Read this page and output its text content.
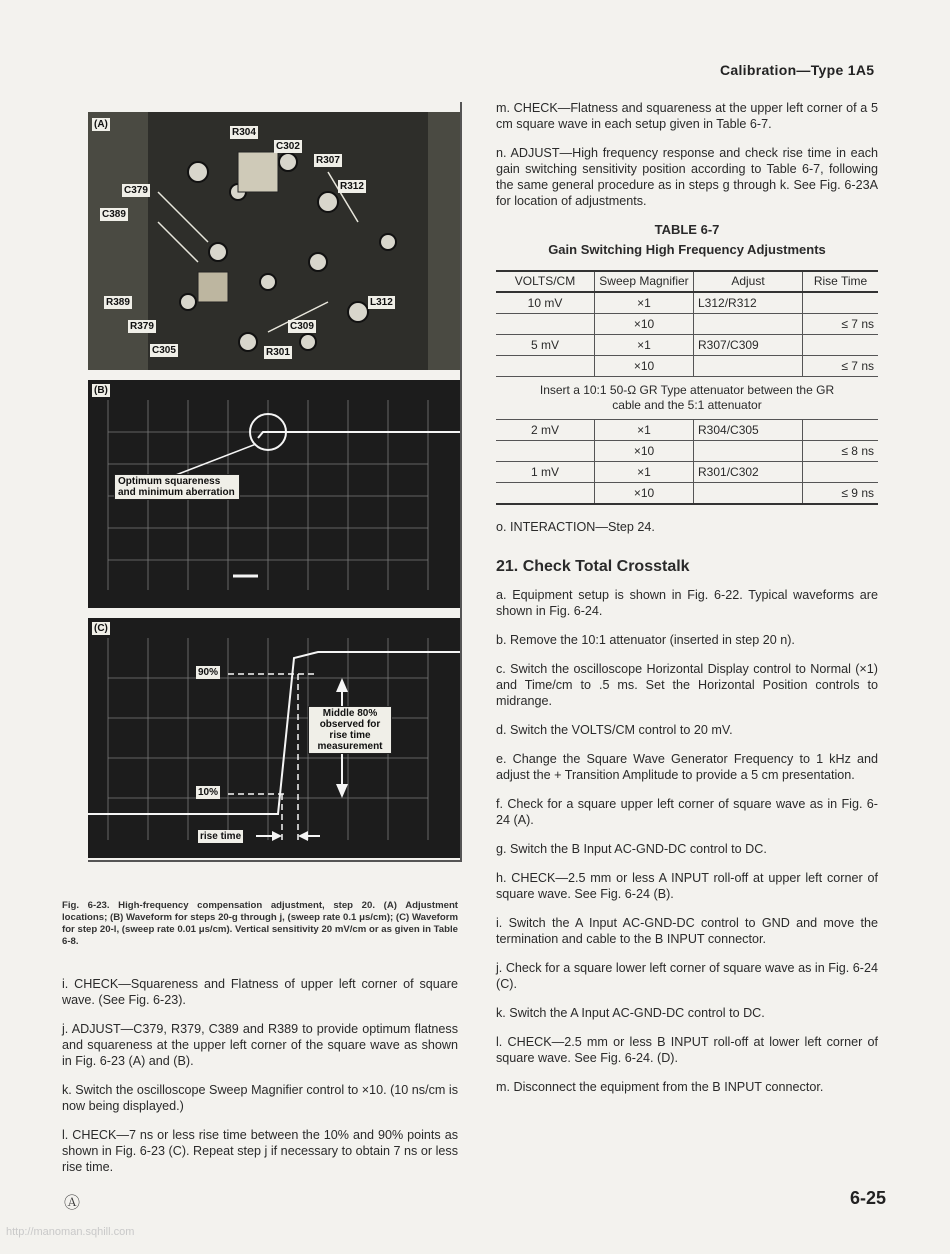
Calibration—Type 1A5
(A)
R304
C302
R307
C379	R312
C389
R389	L312
R379	C309
C305	R301
(B)
Optimum squareness and minimum aberration
(C)
90%
10%
Middle 80% observed for rise time measurement
rise time
Fig. 6-23. High-frequency compensation adjustment, step 20. (A) Adjustment locations; (B) Waveform for steps 20-g through j, (sweep rate 0.1 μs/cm); (C) Waveform for step 20-l, (sweep rate 0.01 μs/cm). Vertical sensitivity 20 mV/cm or as given in Table 6-8.

i. CHECK—Squareness and Flatness of upper left corner of square wave. (See Fig. 6-23).

j. ADJUST—C379, R379, C389 and R389 to provide optimum flatness and squareness at the upper left corner of the square wave as shown in Fig. 6-23 (A) and (B).

k. Switch the oscilloscope Sweep Magnifier control to ×10. (10 ns/cm is now being displayed.)

l. CHECK—7 ns or less rise time between the 10% and 90% points as shown in Fig. 6-23 (C). Repeat step j if necessary to obtain 7 ns or less rise time.

m. CHECK—Flatness and squareness at the upper left corner of a 5 cm square wave in each setup given in Table 6-7.

n. ADJUST—High frequency response and check rise time in each gain switching sensitivity position according to Table 6-7, following the same general procedure as in steps g through k. See Fig. 6-23A for location of adjustments.

TABLE 6-7
Gain Switching High Frequency Adjustments
VOLTS/CM	Sweep Magnifier	Adjust	Rise Time
10 mV	×1	L312/R312	
	×10		≤ 7 ns
5 mV	×1	R307/C309	
	×10		≤ 7 ns
Insert a 10:1 50-Ω GR Type attenuator between the GR cable and the 5:1 attenuator			
2 mV	×1	R304/C305	
	×10		≤ 8 ns
1 mV	×1	R301/C302	
	×10		≤ 9 ns

o. INTERACTION—Step 24.

21. Check Total Crosstalk

a. Equipment setup is shown in Fig. 6-22. Typical waveforms are shown in Fig. 6-24.

b. Remove the 10:1 attenuator (inserted in step 20 n).

c. Switch the oscilloscope Horizontal Display control to Normal (×1) and Time/cm to .5 ms. Set the Horizontal Position controls to midrange.

d. Switch the VOLTS/CM control to 20 mV.

e. Change the Square Wave Generator Frequency to 1 kHz and adjust the + Transition Amplitude to provide a 5 cm presentation.

f. Check for a square upper left corner of square wave as in Fig. 6-24 (A).

g. Switch the B Input AC-GND-DC control to DC.

h. CHECK—2.5 mm or less A INPUT roll-off at upper left corner of square wave. See Fig. 6-24 (B).

i. Switch the A Input AC-GND-DC control to GND and move the termination and cable to the B INPUT connector.

j. Check for a square lower left corner of square wave as in Fig. 6-24 (C).

k. Switch the A Input AC-GND-DC control to DC.

l. CHECK—2.5 mm or less B INPUT roll-off at lower left corner of square wave. See Fig. 6-24. (D).

m. Disconnect the equipment from the B INPUT connector.

Ⓐ	6-25
http://manoman.sqhill.com
